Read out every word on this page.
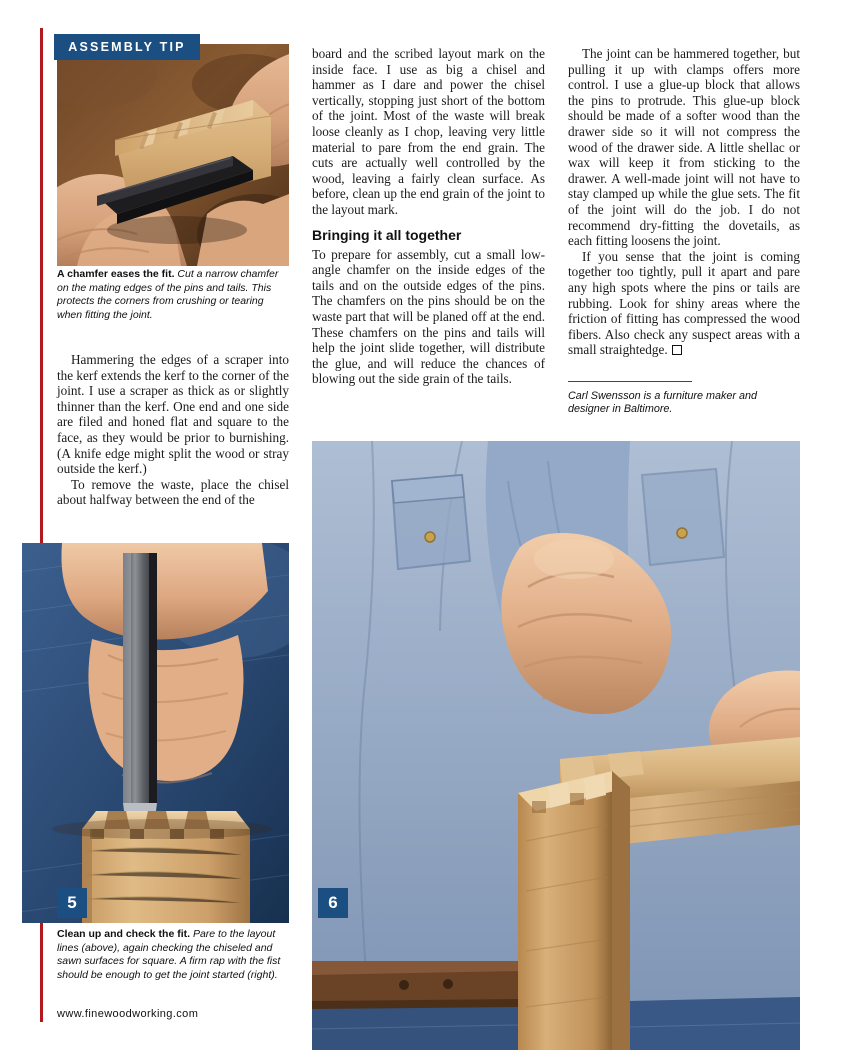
ASSEMBLY TIP
A chamfer eases the fit. Cut a narrow chamfer on the mating edges of the pins and tails. This protects the corners from crushing or tearing when fitting the joint.

Hammering the edges of a scraper into the kerf extends the kerf to the corner of the joint. I use a scraper as thick as or slightly thinner than the kerf. One end and one side are filed and honed flat and square to the face, as they would be prior to burnishing. (A knife edge might split the wood or stray outside the kerf.)

To remove the waste, place the chisel about halfway between the end of the

board and the scribed layout mark on the inside face. I use as big a chisel and hammer as I dare and power the chisel vertically, stopping just short of the bottom of the joint. Most of the waste will break loose cleanly as I chop, leaving very little material to pare from the end grain. The cuts are actually well controlled by the wood, leaving a fairly clean surface. As before, clean up the end grain of the joint to the layout mark.

Bringing it all together

To prepare for assembly, cut a small low-angle chamfer on the inside edges of the tails and on the outside edges of the pins. The chamfers on the pins should be on the waste part that will be planed off at the end. These chamfers on the pins and tails will help the joint slide together, will distribute the glue, and will reduce the chances of blowing out the side grain of the tails.

The joint can be hammered together, but pulling it up with clamps offers more control. I use a glue-up block that allows the pins to protrude. This glue-up block should be made of a softer wood than the drawer side so it will not compress the wood of the drawer side. A little shellac or wax will keep it from sticking to the drawer. A well-made joint will not have to stay clamped up while the glue sets. The fit of the joint will do the job. I do not recommend dry-fitting the dovetails, as each fitting loosens the joint.

If you sense that the joint is coming together too tightly, pull it apart and pare any high spots where the pins or tails are rubbing. Look for shiny areas where the friction of fitting has compressed the wood fibers. Also check any suspect areas with a small straightedge.

Carl Swensson is a furniture maker and designer in Baltimore.
5
Clean up and check the fit. Pare to the layout lines (above), again checking the chiseled and sawn surfaces for square. A firm rap with the fist should be enough to get the joint started (right).
6
www.finewoodworking.com
